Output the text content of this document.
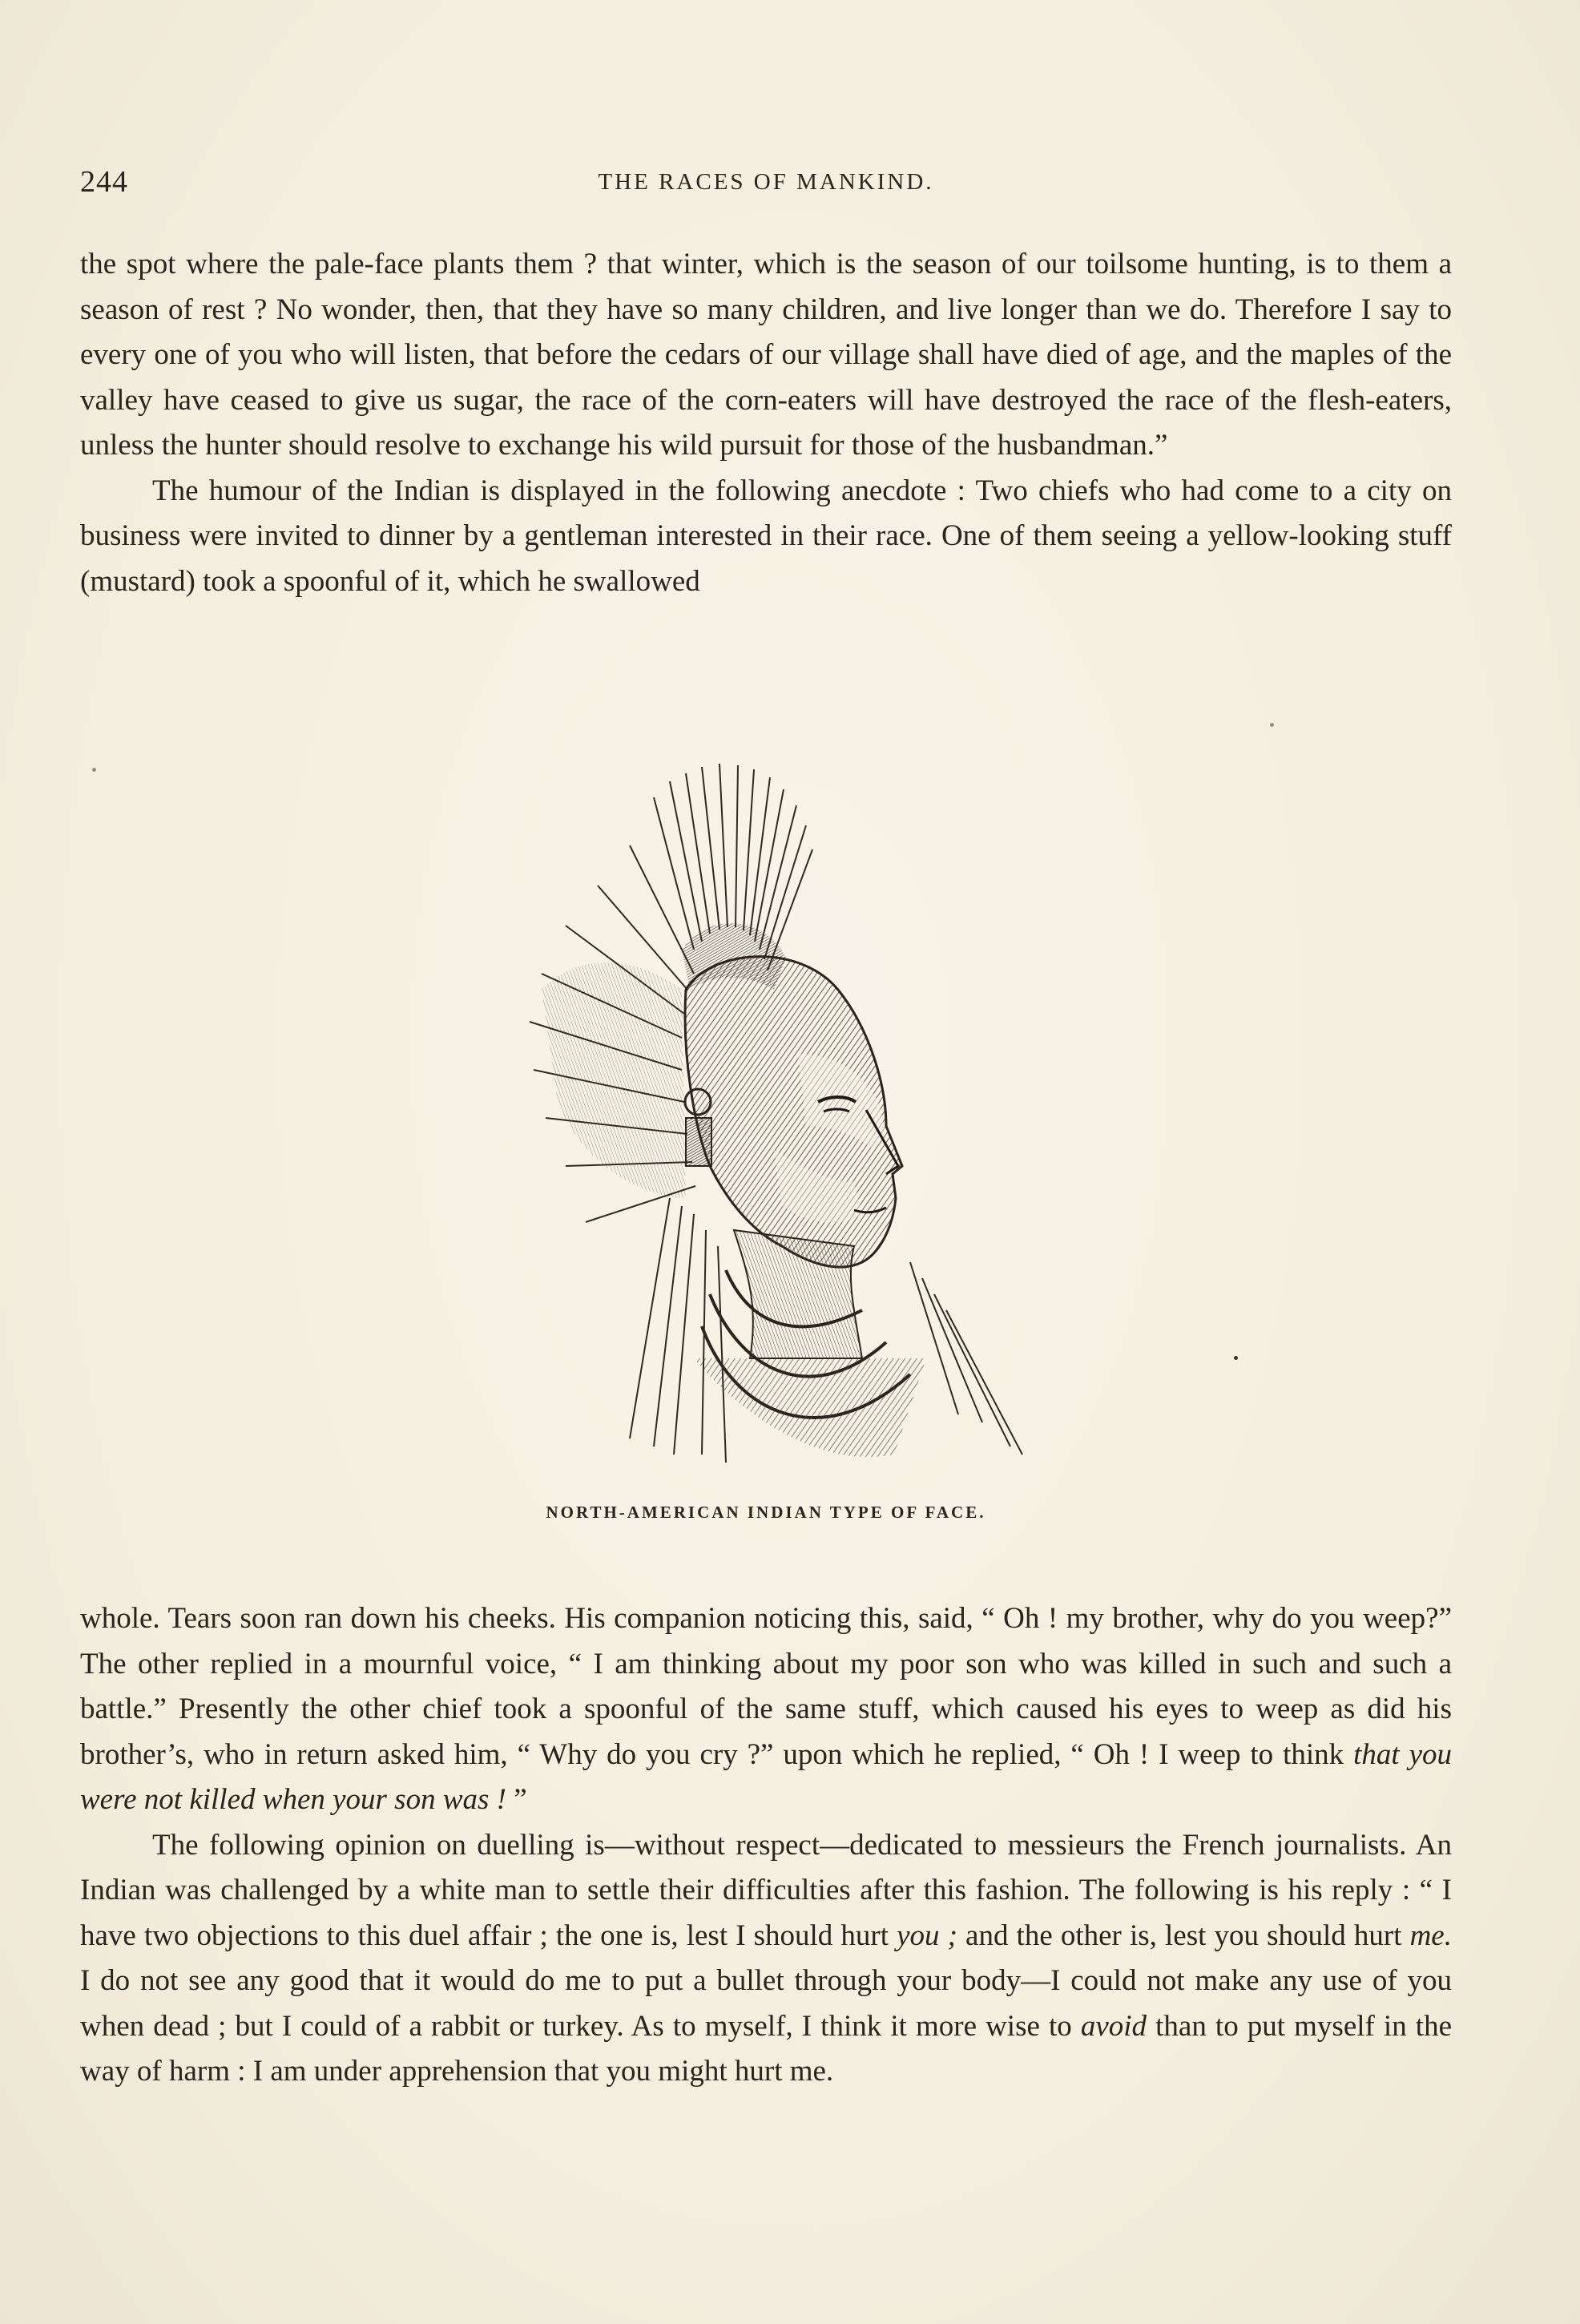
244	THE RACES OF MANKIND.

the spot where the pale-face plants them ? that winter, which is the season of our toilsome hunting, is to them a season of rest ? No wonder, then, that they have so many children, and live longer than we do. Therefore I say to every one of you who will listen, that before the cedars of our village shall have died of age, and the maples of the valley have ceased to give us sugar, the race of the corn-eaters will have destroyed the race of the flesh-eaters, unless the hunter should resolve to exchange his wild pursuit for those of the husbandman.”

The humour of the Indian is displayed in the following anecdote : Two chiefs who had come to a city on business were invited to dinner by a gentleman interested in their race. One of them seeing a yellow-looking stuff (mustard) took a spoonful of it, which he swallowed

NORTH-AMERICAN INDIAN TYPE OF FACE.

whole. Tears soon ran down his cheeks. His companion noticing this, said, “ Oh ! my brother, why do you weep?” The other replied in a mournful voice, “ I am thinking about my poor son who was killed in such and such a battle.” Presently the other chief took a spoonful of the same stuff, which caused his eyes to weep as did his brother’s, who in return asked him, “ Why do you cry ?” upon which he replied, “ Oh ! I weep to think that you were not killed when your son was ! ”

The following opinion on duelling is—without respect—dedicated to messieurs the French journalists. An Indian was challenged by a white man to settle their difficulties after this fashion. The following is his reply : “ I have two objections to this duel affair ; the one is, lest I should hurt you ; and the other is, lest you should hurt me. I do not see any good that it would do me to put a bullet through your body—I could not make any use of you when dead ; but I could of a rabbit or turkey. As to myself, I think it more wise to avoid than to put myself in the way of harm : I am under apprehension that you might hurt me.
